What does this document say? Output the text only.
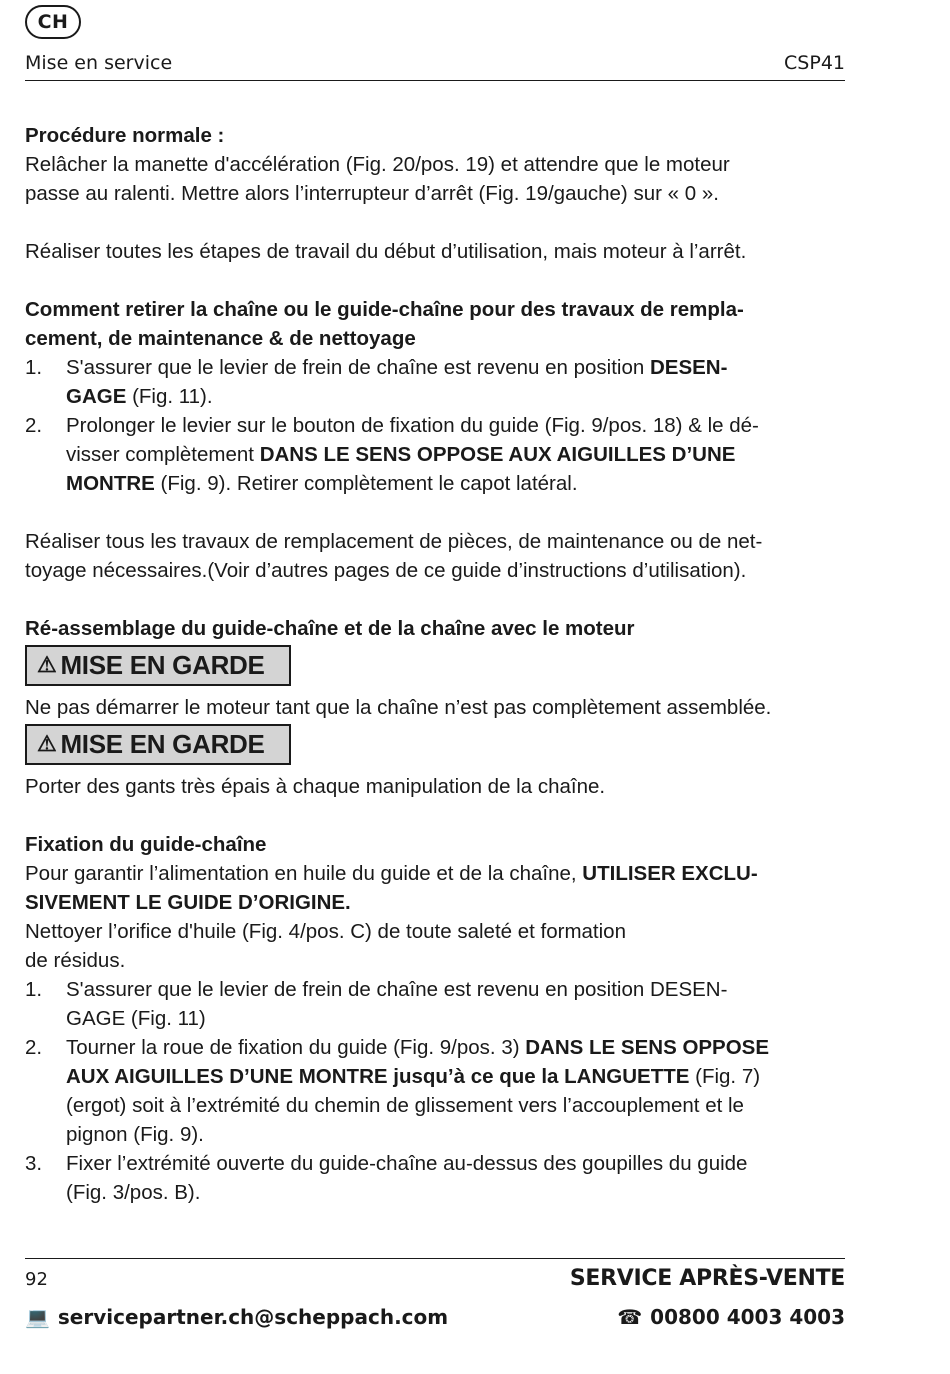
CH
Mise en service	CSP41

Procédure normale :

Relâcher la manette d'accélération (Fig. 20/pos. 19) et attendre que le moteur

passe au ralenti. Mettre alors l’interrupteur d’arrêt (Fig. 19/gauche) sur « 0 ».

Réaliser toutes les étapes de travail du début d’utilisation, mais moteur à l’arrêt.

Comment retirer la chaîne ou le guide-chaîne pour des travaux de rempla-

cement, de maintenance & de nettoyage

1. S'assurer que le levier de frein de chaîne est revenu en position DESEN-

GAGE (Fig. 11).

2. Prolonger le levier sur le bouton de fixation du guide (Fig. 9/pos. 18) & le dé-

visser complètement DANS LE SENS OPPOSE AUX AIGUILLES D’UNE

MONTRE (Fig. 9). Retirer complètement le capot latéral.

Réaliser tous les travaux de remplacement de pièces, de maintenance ou de net-

toyage nécessaires.(Voir d’autres pages de ce guide d’instructions d’utilisation).

Ré-assemblage du guide-chaîne et de la chaîne avec le moteur

⚠ MISE EN GARDE

Ne pas démarrer le moteur tant que la chaîne n’est pas complètement assemblée.

⚠ MISE EN GARDE

Porter des gants très épais à chaque manipulation de la chaîne.

Fixation du guide-chaîne

Pour garantir l’alimentation en huile du guide et de la chaîne, UTILISER EXCLU-

SIVEMENT LE GUIDE D’ORIGINE.

Nettoyer l’orifice d'huile (Fig. 4/pos. C) de toute saleté et formation

de résidus.

1. S'assurer que le levier de frein de chaîne est revenu en position DESEN-

GAGE (Fig. 11)

2. Tourner la roue de fixation du guide (Fig. 9/pos. 3) DANS LE SENS OPPOSE

AUX AIGUILLES D’UNE MONTRE jusqu’à ce que la LANGUETTE (Fig. 7)

(ergot) soit à l’extrémité du chemin de glissement vers l’accouplement et le

pignon (Fig. 9).

3. Fixer l’extrémité ouverte du guide-chaîne au-dessus des goupilles du guide

(Fig. 3/pos. B).

92	SERVICE APRÈS-VENTE
💻 servicepartner.ch@scheppach.com	☎ 00800 4003 4003
